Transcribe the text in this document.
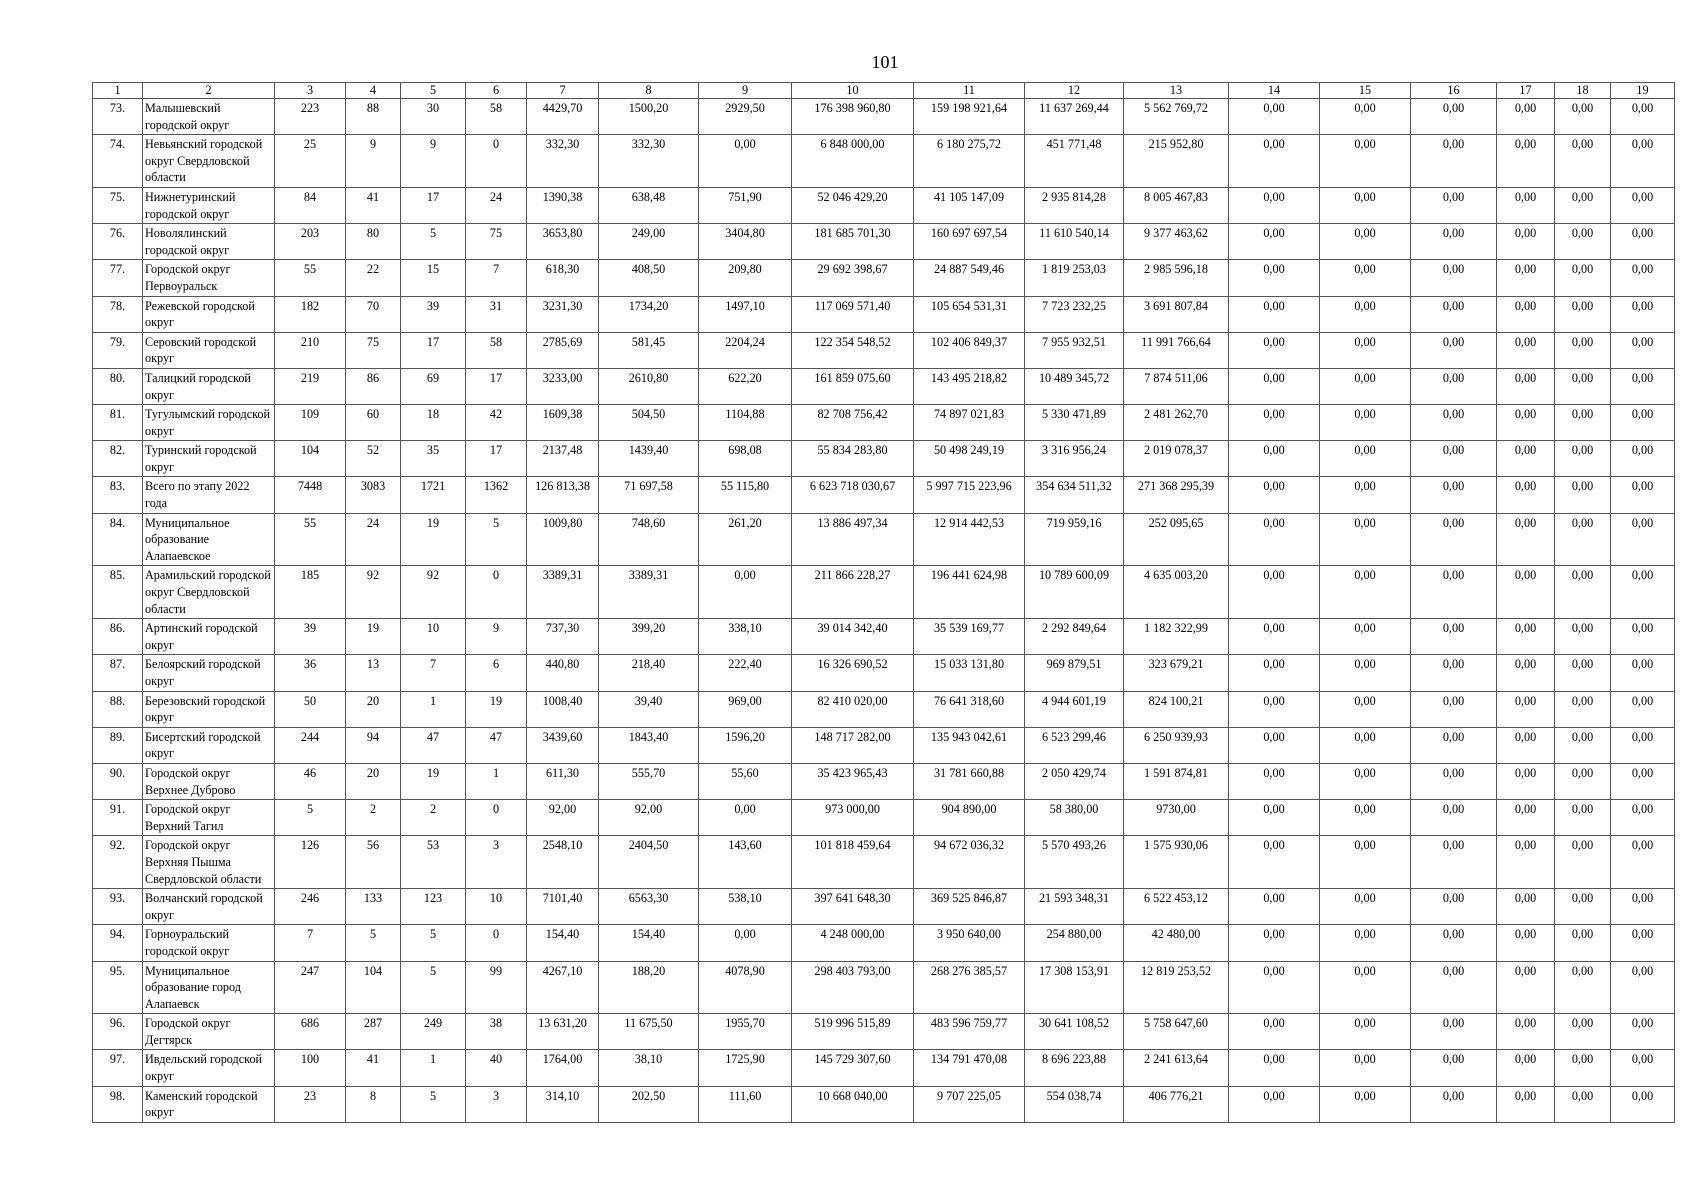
101
1	2	3	4	5	6	7	8	9	10	11	12	13	14	15	16	17	18	19
73.	Малышевский городской округ	223	88	30	58	4429,70	1500,20	2929,50	176 398 960,80	159 198 921,64	11 637 269,44	5 562 769,72	0,00	0,00	0,00	0,00	0,00	0,00
74.	Невьянский городской округ Свердловской области	25	9	9	0	332,30	332,30	0,00	6 848 000,00	6 180 275,72	451 771,48	215 952,80	0,00	0,00	0,00	0,00	0,00	0,00
75.	Нижнетуринский городской округ	84	41	17	24	1390,38	638,48	751,90	52 046 429,20	41 105 147,09	2 935 814,28	8 005 467,83	0,00	0,00	0,00	0,00	0,00	0,00
76.	Новолялинский городской округ	203	80	5	75	3653,80	249,00	3404,80	181 685 701,30	160 697 697,54	11 610 540,14	9 377 463,62	0,00	0,00	0,00	0,00	0,00	0,00
77.	Городской округ Первоуральск	55	22	15	7	618,30	408,50	209,80	29 692 398,67	24 887 549,46	1 819 253,03	2 985 596,18	0,00	0,00	0,00	0,00	0,00	0,00
78.	Режевской городской округ	182	70	39	31	3231,30	1734,20	1497,10	117 069 571,40	105 654 531,31	7 723 232,25	3 691 807,84	0,00	0,00	0,00	0,00	0,00	0,00
79.	Серовский городской округ	210	75	17	58	2785,69	581,45	2204,24	122 354 548,52	102 406 849,37	7 955 932,51	11 991 766,64	0,00	0,00	0,00	0,00	0,00	0,00
80.	Талицкий городской округ	219	86	69	17	3233,00	2610,80	622,20	161 859 075,60	143 495 218,82	10 489 345,72	7 874 511,06	0,00	0,00	0,00	0,00	0,00	0,00
81.	Тугулымский городской округ	109	60	18	42	1609,38	504,50	1104,88	82 708 756,42	74 897 021,83	5 330 471,89	2 481 262,70	0,00	0,00	0,00	0,00	0,00	0,00
82.	Туринский городской округ	104	52	35	17	2137,48	1439,40	698,08	55 834 283,80	50 498 249,19	3 316 956,24	2 019 078,37	0,00	0,00	0,00	0,00	0,00	0,00
83.	Всего по этапу 2022 года	7448	3083	1721	1362	126 813,38	71 697,58	55 115,80	6 623 718 030,67	5 997 715 223,96	354 634 511,32	271 368 295,39	0,00	0,00	0,00	0,00	0,00	0,00
84.	Муниципальное образование Алапаевское	55	24	19	5	1009,80	748,60	261,20	13 886 497,34	12 914 442,53	719 959,16	252 095,65	0,00	0,00	0,00	0,00	0,00	0,00
85.	Арамильский городской округ Свердловской области	185	92	92	0	3389,31	3389,31	0,00	211 866 228,27	196 441 624,98	10 789 600,09	4 635 003,20	0,00	0,00	0,00	0,00	0,00	0,00
86.	Артинский городской округ	39	19	10	9	737,30	399,20	338,10	39 014 342,40	35 539 169,77	2 292 849,64	1 182 322,99	0,00	0,00	0,00	0,00	0,00	0,00
87.	Белоярский городской округ	36	13	7	6	440,80	218,40	222,40	16 326 690,52	15 033 131,80	969 879,51	323 679,21	0,00	0,00	0,00	0,00	0,00	0,00
88.	Березовский городской округ	50	20	1	19	1008,40	39,40	969,00	82 410 020,00	76 641 318,60	4 944 601,19	824 100,21	0,00	0,00	0,00	0,00	0,00	0,00
89.	Бисертский городской округ	244	94	47	47	3439,60	1843,40	1596,20	148 717 282,00	135 943 042,61	6 523 299,46	6 250 939,93	0,00	0,00	0,00	0,00	0,00	0,00
90.	Городской округ Верхнее Дуброво	46	20	19	1	611,30	555,70	55,60	35 423 965,43	31 781 660,88	2 050 429,74	1 591 874,81	0,00	0,00	0,00	0,00	0,00	0,00
91.	Городской округ Верхний Тагил	5	2	2	0	92,00	92,00	0,00	973 000,00	904 890,00	58 380,00	9730,00	0,00	0,00	0,00	0,00	0,00	0,00
92.	Городской округ Верхняя Пышма Свердловской области	126	56	53	3	2548,10	2404,50	143,60	101 818 459,64	94 672 036,32	5 570 493,26	1 575 930,06	0,00	0,00	0,00	0,00	0,00	0,00
93.	Волчанский городской округ	246	133	123	10	7101,40	6563,30	538,10	397 641 648,30	369 525 846,87	21 593 348,31	6 522 453,12	0,00	0,00	0,00	0,00	0,00	0,00
94.	Горноуральский городской округ	7	5	5	0	154,40	154,40	0,00	4 248 000,00	3 950 640,00	254 880,00	42 480,00	0,00	0,00	0,00	0,00	0,00	0,00
95.	Муниципальное образование город Алапаевск	247	104	5	99	4267,10	188,20	4078,90	298 403 793,00	268 276 385,57	17 308 153,91	12 819 253,52	0,00	0,00	0,00	0,00	0,00	0,00
96.	Городской округ Дегтярск	686	287	249	38	13 631,20	11 675,50	1955,70	519 996 515,89	483 596 759,77	30 641 108,52	5 758 647,60	0,00	0,00	0,00	0,00	0,00	0,00
97.	Ивдельский городской округ	100	41	1	40	1764,00	38,10	1725,90	145 729 307,60	134 791 470,08	8 696 223,88	2 241 613,64	0,00	0,00	0,00	0,00	0,00	0,00
98.	Каменский городской округ	23	8	5	3	314,10	202,50	111,60	10 668 040,00	9 707 225,05	554 038,74	406 776,21	0,00	0,00	0,00	0,00	0,00	0,00
